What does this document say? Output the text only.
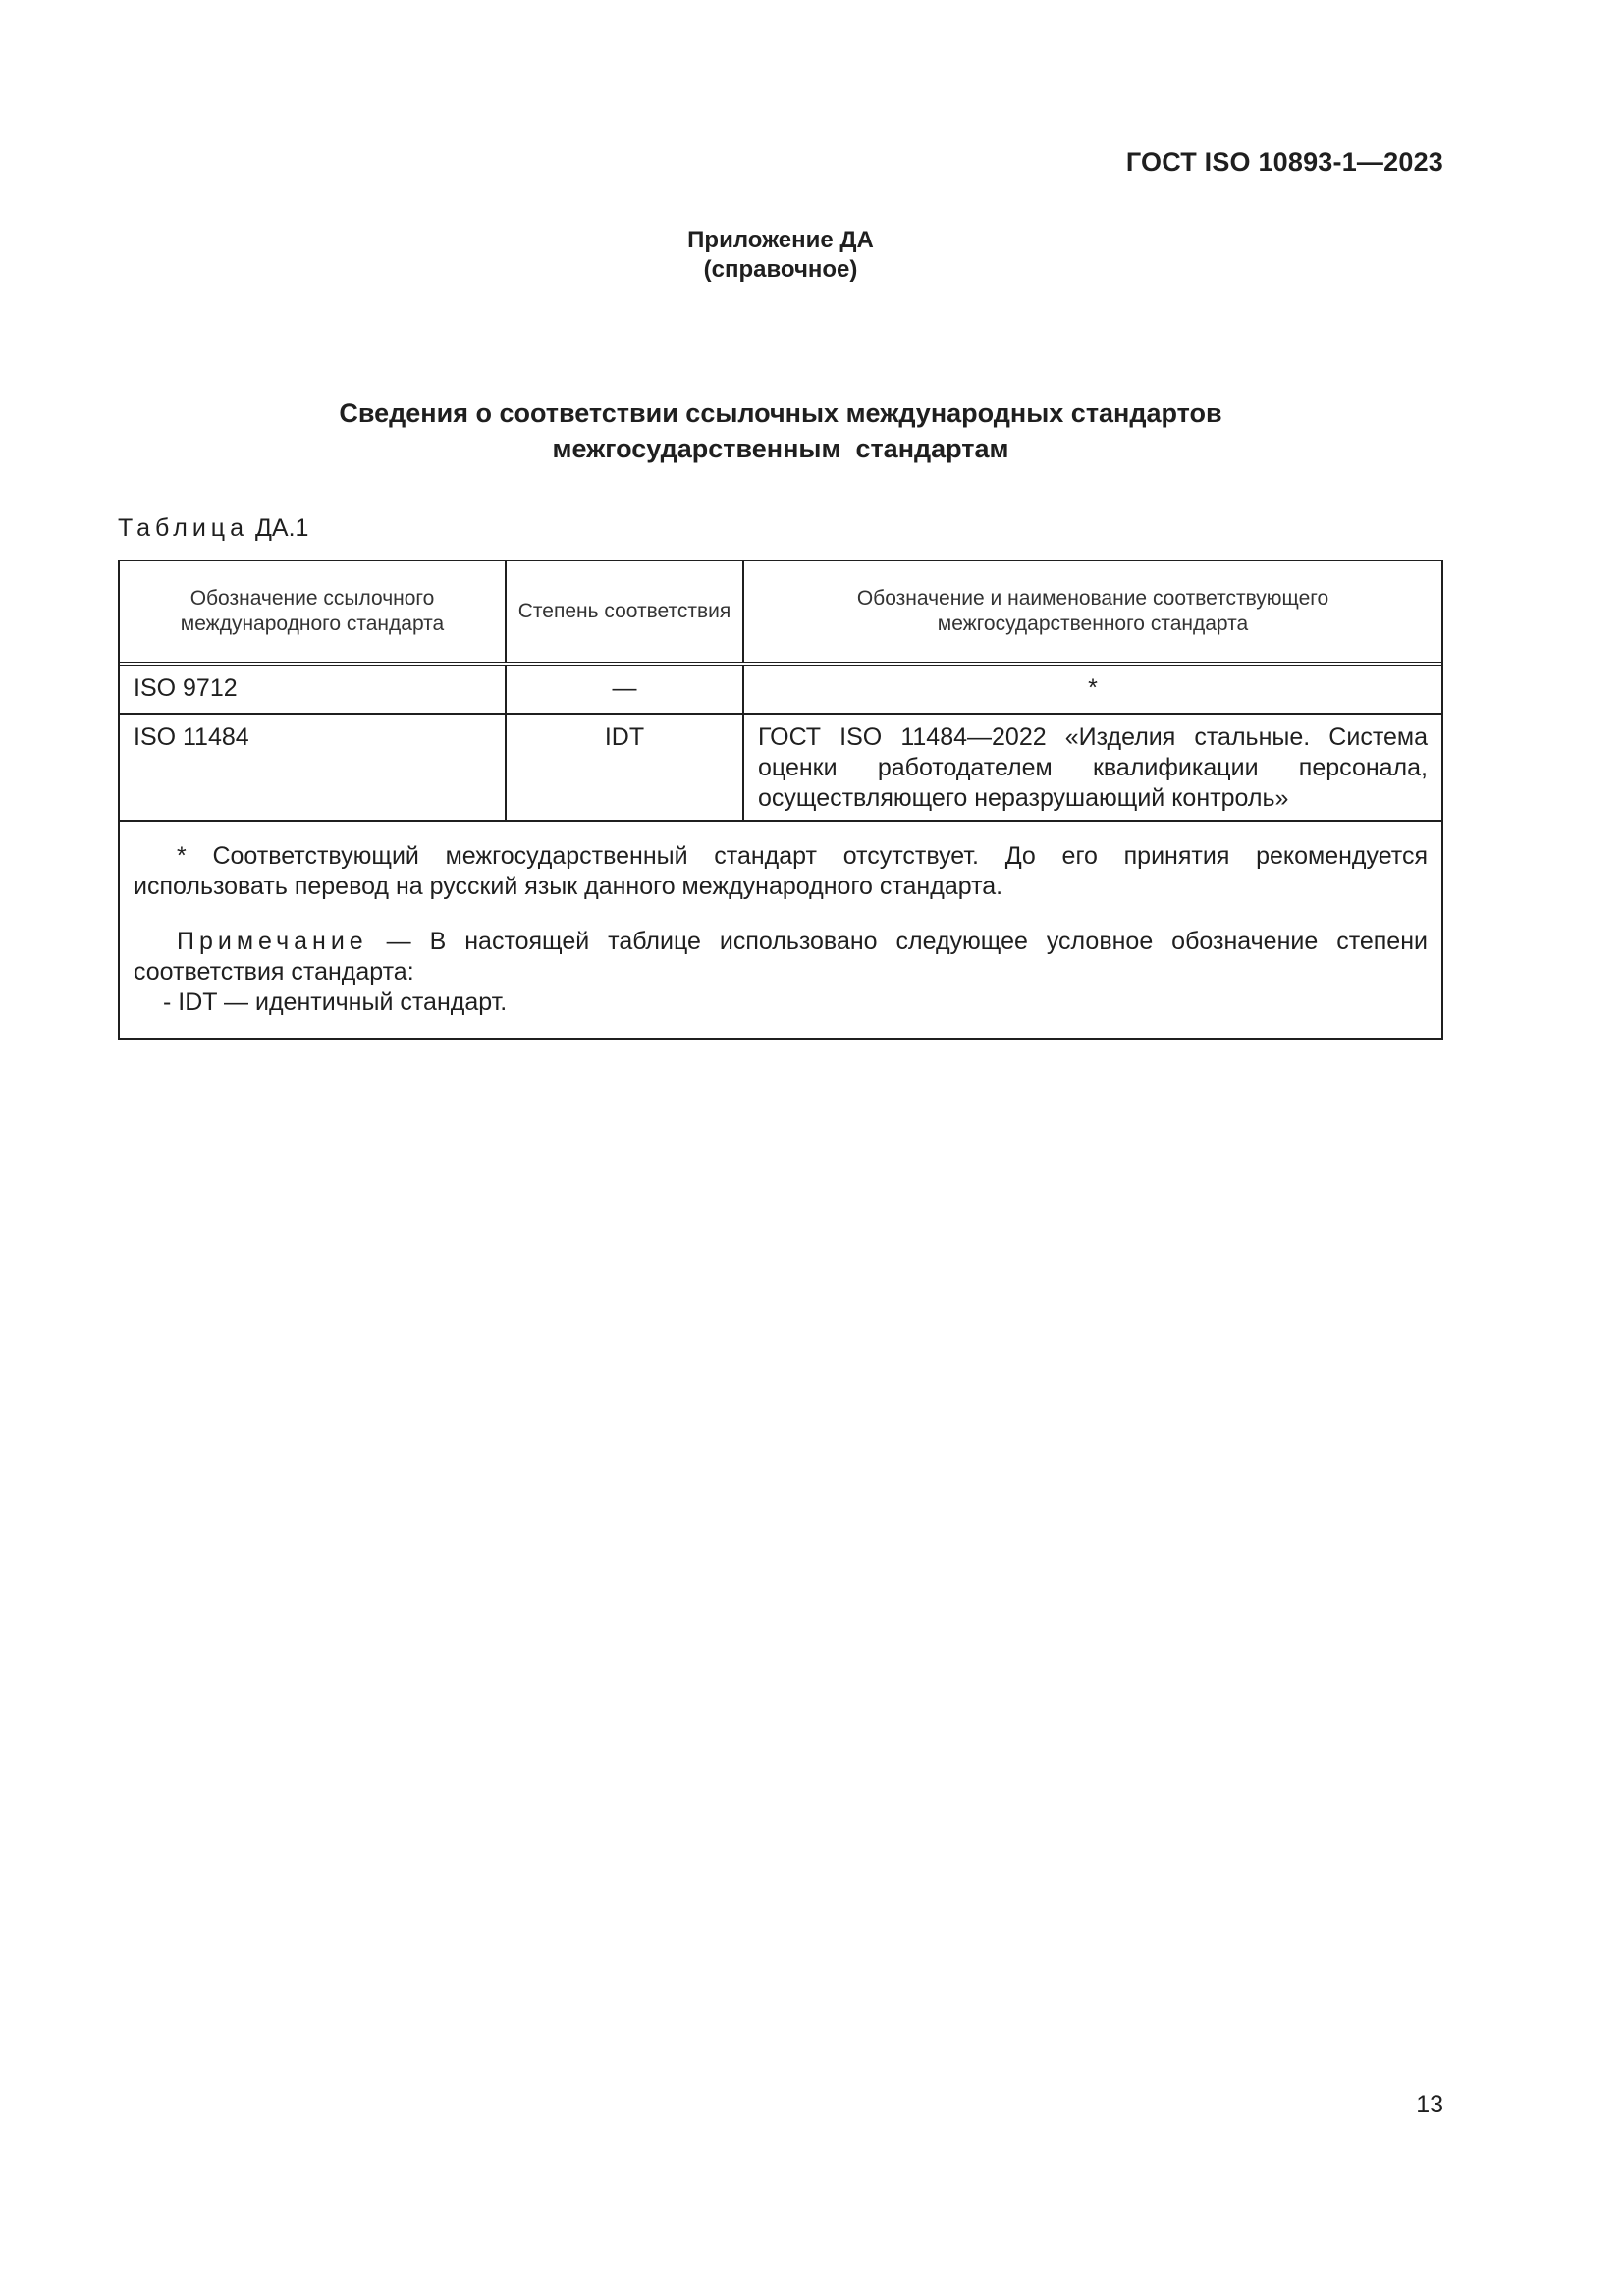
ГОСТ ISO 10893-1—2023
Приложение ДА
(справочное)
Сведения о соответствии ссылочных международных стандартов
межгосударственным  стандартам
Таблица ДА.1
Обозначение ссылочного международного стандарта	Степень соответствия	Обозначение и наименование соответствующего межгосударственного стандарта
ISO 9712	—	*
ISO 11484	IDT	ГОСТ ISO 11484—2022 «Изделия стальные. Система оценки работодателем квалификации персонала, осуществляющего неразрушающий контроль»

* Соответствующий межгосударственный стандарт отсутствует. До его принятия рекомендуется использовать перевод на русский язык данного международного стандарта.

Примечание — В настоящей таблице использовано следующее условное обозначение степени соответствия стандарта:

- IDT — идентичный стандарт.

13
